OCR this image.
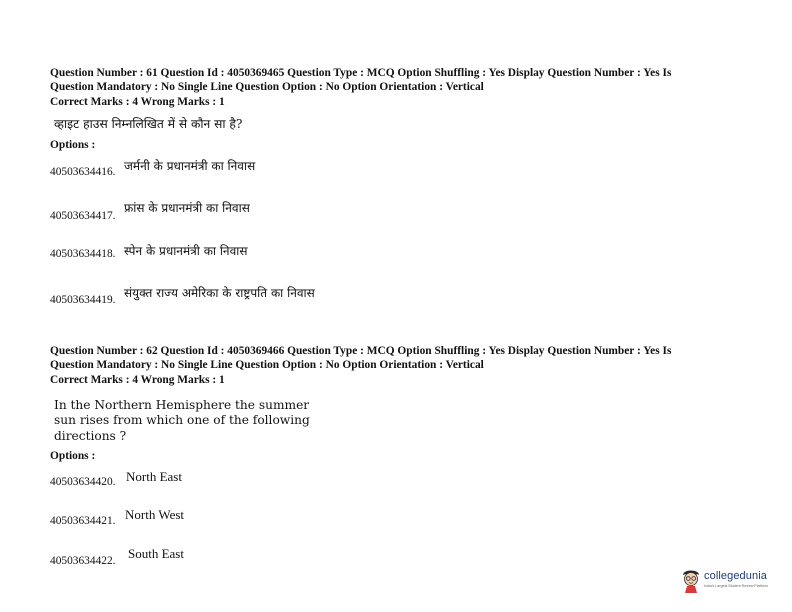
Question Number : 61 Question Id : 4050369465 Question Type : MCQ Option Shuffling : Yes Display Question Number : Yes Is
Question Mandatory : No Single Line Question Option : No Option Orientation : Vertical
Correct Marks : 4 Wrong Marks : 1
व्हाइट हाउस निम्नलिखित में से कौन सा है?
Options :
40503634416. जर्मनी के प्रधानमंत्री का निवास
40503634417.
फ्रांस के प्रधानमंत्री का निवास
40503634418. स्पेन के प्रधानमंत्री का निवास
40503634419. संयुक्त राज्य अमेरिका के राष्ट्रपति का निवास
Question Number : 62 Question Id : 4050369466 Question Type : MCQ Option Shuffling : Yes Display Question Number : Yes Is
Question Mandatory : No Single Line Question Option : No Option Orientation : Vertical
Correct Marks : 4 Wrong Marks : 1
In the Northern Hemisphere the summer
sun rises from which one of the following
directions ?
Options :
40503634420. North East
40503634421. North West
40503634422. South East
collegedunia
India's Largest Student Review Platform
